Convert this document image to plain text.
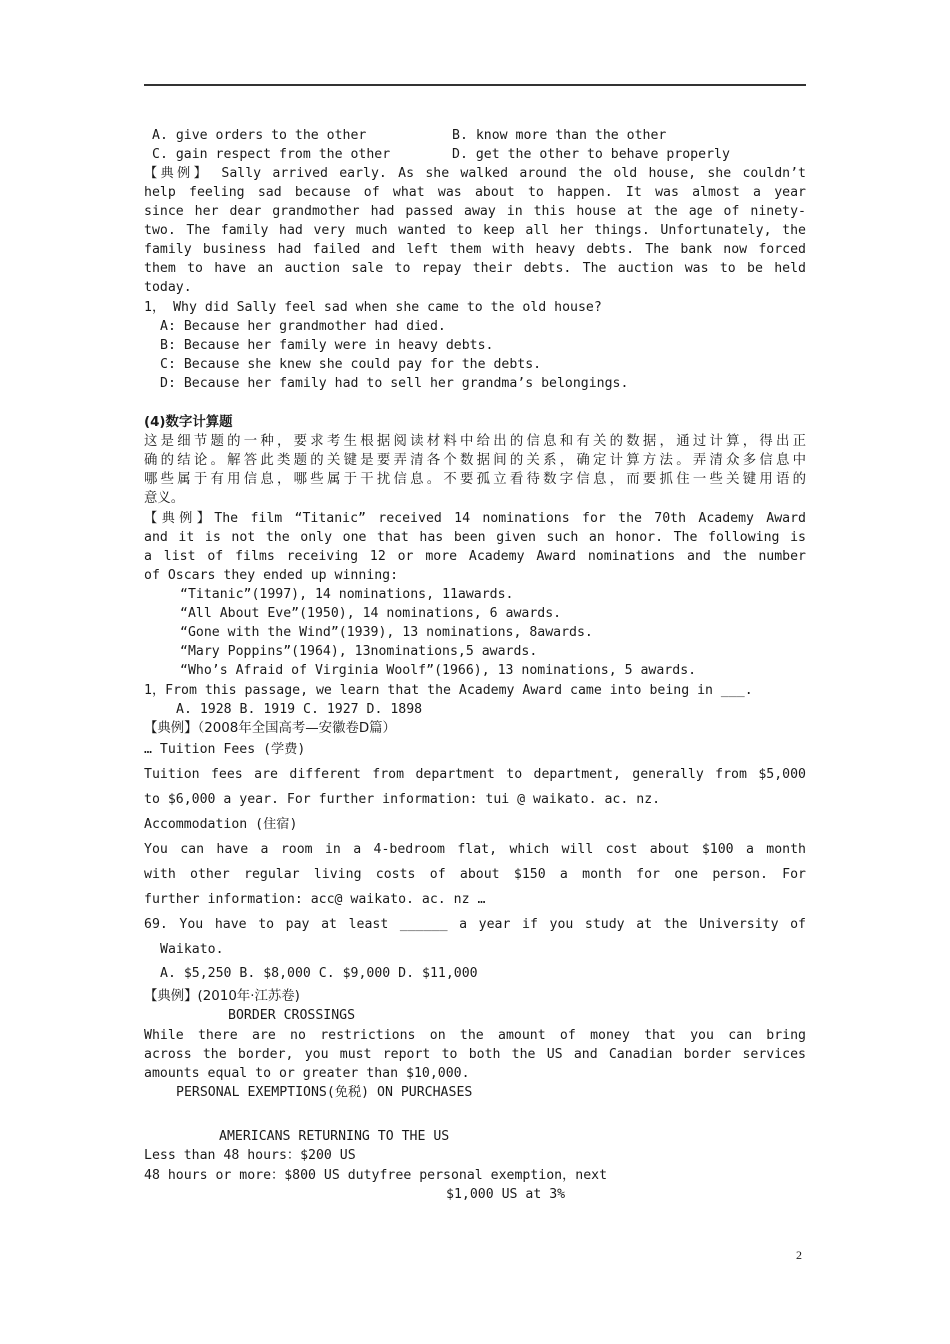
A. give orders to the other	B. know more than the other
C. gain respect from the other	D. get the other to behave properly
【典例】 Sally arrived early. As she walked around the old house, she couldn’t
help feeling sad because of what was about to happen. It was almost a year
since her dear grandmother had passed away in this house at the age of ninety-
two. The family had very much wanted to keep all her things. Unfortunately, the
family business had failed and left them with heavy debts. The bank now forced
them to have an auction sale to repay their debts. The auction was to be held
today.
1， Why did Sally feel sad when she came to the old house?
A: Because her grandmother had died.
B: Because her family were in heavy debts.
C: Because she knew she could pay for the debts.
D: Because her family had to sell her grandma’s belongings.
(4)数字计算题
这是细节题的一种，要求考生根据阅读材料中给出的信息和有关的数据，通过计算，得出正
确的结论。解答此类题的关键是要弄清各个数据间的关系，确定计算方法。弄清众多信息中
哪些属于有用信息，哪些属于干扰信息。不要孤立看待数字信息，而要抓住一些关键用语的
意义。
【典例】The film “Titanic” received 14 nominations for the 70th Academy Award
and it is not the only one that has been given such an honor. The following is
a list of films receiving 12 or more Academy Award nominations and the number
of Oscars they ended up winning:
“Titanic”(1997), 14 nominations, 11awards.
“All About Eve”(1950), 14 nominations, 6 awards.
“Gone with the Wind”(1939), 13 nominations, 8awards.
“Mary Poppins”(1964), 13nominations,5 awards.
“Who’s Afraid of Virginia Woolf”(1966), 13 nominations, 5 awards.
1，From this passage, we learn that the Academy Award came into being in ___.
A. 1928 B. 1919 C. 1927 D. 1898
【典例】（2008年全国高考—安徽卷D篇）
… Tuition Fees (学费)
Tuition fees are different from department to department, generally from $5,000
to $6,000 a year. For further information: tui @ waikato. ac. nz.
Accommodation (住宿)
You can have a room in a 4-bedroom flat, which will cost about $100 a month
with other regular living costs of about $150 a month for one person. For
further information: acc@ waikato. ac. nz …
69. You have to pay at least ______ a year if you study at the University of
Waikato.
A. $5,250 B. $8,000 C. $9,000 D. $11,000
【典例】(2010年·江苏卷)
BORDER CROSSINGS
While there are no restrictions on the amount of money that you can bring
across the border, you must report to both the US and Canadian border services
amounts equal to or greater than $10,000.
PERSONAL EXEMPTIONS(免税) ON PURCHASES
AMERICANS RETURNING TO THE US
Less than 48 hours：$200 US
48 hours or more：$800 US dutyfree personal exemption，next
$1,000 US at 3%
2
